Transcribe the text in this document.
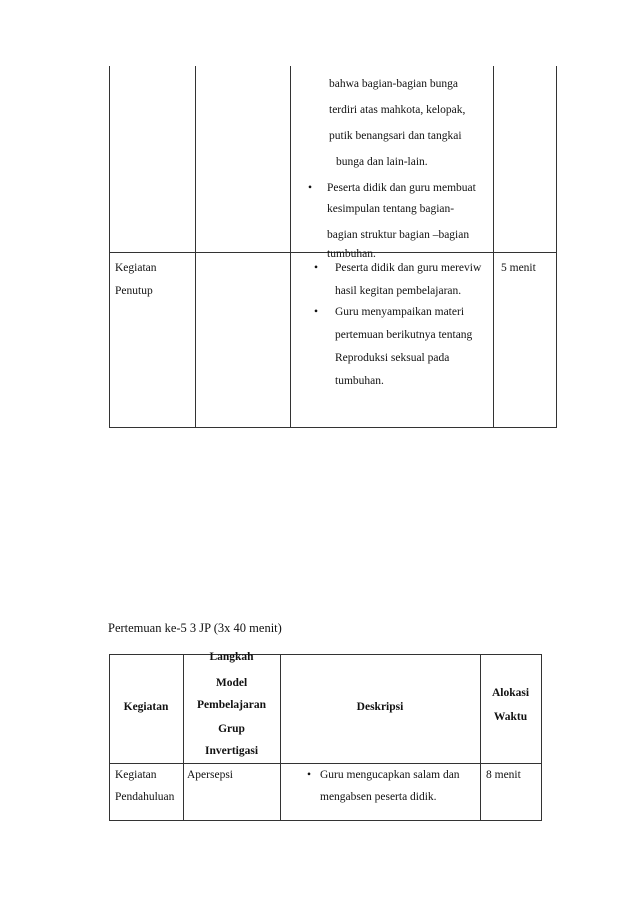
bahwa bagian-bagian bunga
terdiri atas mahkota, kelopak,
putik benangsari dan tangkai
bunga dan lain-lain.
• Peserta didik dan guru membuat
kesimpulan tentang bagian-
bagian struktur bagian –bagian
tumbuhan.
Kegiatan
Penutup
• Peserta didik dan guru mereviw
hasil kegitan pembelajaran.
• Guru menyampaikan materi
pertemuan berikutnya tentang
Reproduksi seksual pada
tumbuhan.
5 menit
Pertemuan ke-5 3 JP (3x 40 menit)
Kegiatan
Langkah
Model
Pembelajaran
Grup
Invertigasi
Deskripsi
Alokasi
Waktu
Kegiatan
Pendahuluan
Apersepsi	• Guru mengucapkan salam dan
mengabsen peserta didik.
8 menit
